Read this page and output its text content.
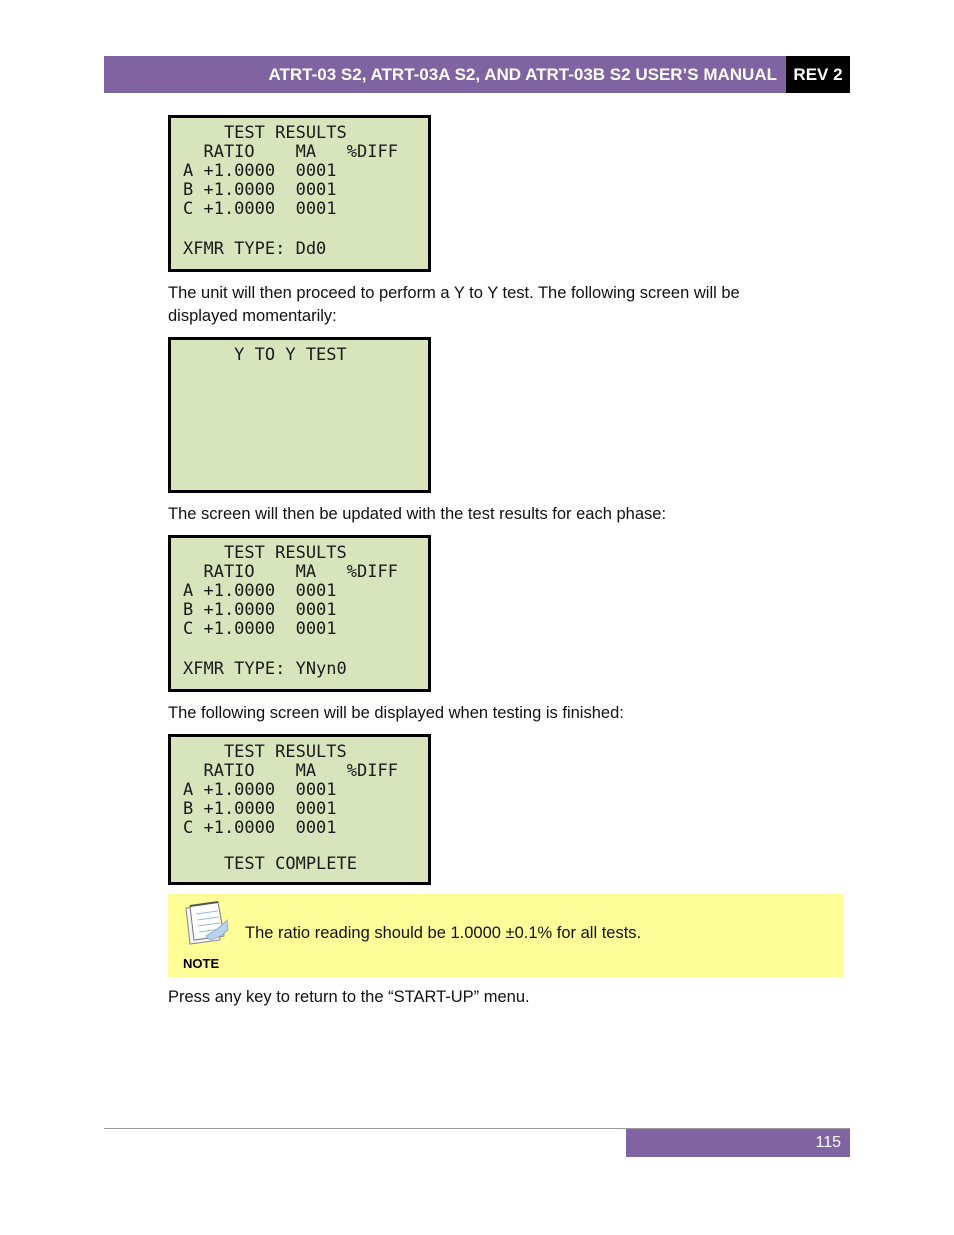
ATRT-03 S2, ATRT-03A S2, AND ATRT-03B S2 USER’S MANUAL REV 2
TEST RESULTS
RATIO    MA   %DIFF
A +1.0000  0001
B +1.0000  0001
C +1.0000  0001
XFMR TYPE: Dd0
The unit will then proceed to perform a Y to Y test. The following screen will be displayed momentarily:
Y TO Y TEST
The screen will then be updated with the test results for each phase:
TEST RESULTS
RATIO    MA   %DIFF
A +1.0000  0001
B +1.0000  0001
C +1.0000  0001
XFMR TYPE: YNyn0
The following screen will be displayed when testing is finished:
TEST RESULTS
RATIO    MA   %DIFF
A +1.0000  0001
B +1.0000  0001
C +1.0000  0001
TEST COMPLETE
The ratio reading should be 1.0000 ±0.1% for all tests.
NOTE
Press any key to return to the “START-UP” menu.
115
